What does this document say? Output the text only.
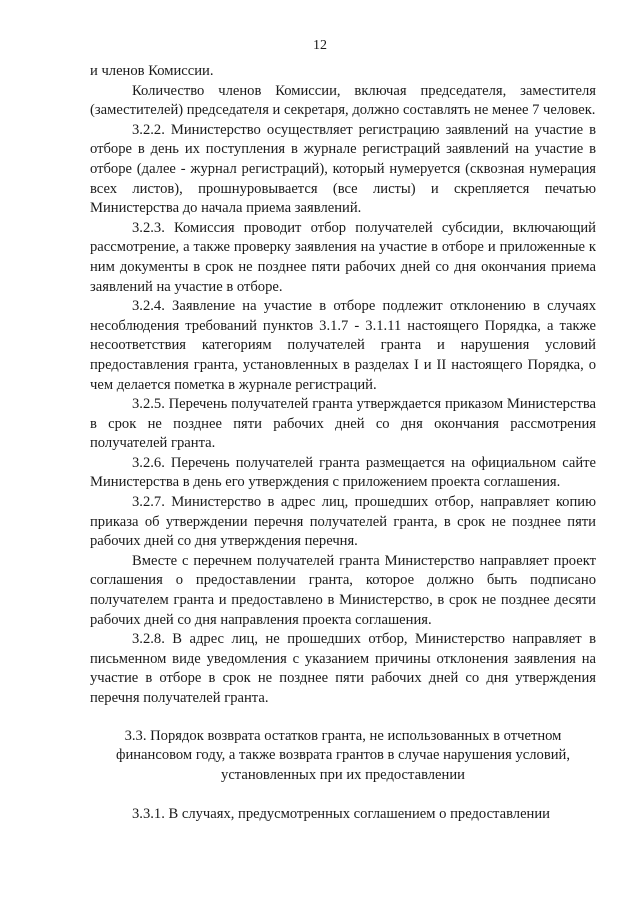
12

и членов Комиссии.

Количество членов Комиссии, включая председателя, заместителя (заместителей) председателя и секретаря, должно составлять не менее 7 человек.

3.2.2. Министерство осуществляет регистрацию заявлений на участие в отборе в день их поступления в журнале регистраций заявлений на участие в отборе (далее - журнал регистраций), который нумеруется (сквозная нумерация всех листов), прошнуровывается (все листы) и скрепляется печатью Министерства до начала приема заявлений.

3.2.3. Комиссия проводит отбор получателей субсидии, включающий рассмотрение, а также проверку заявления на участие в отборе и приложенные к ним документы в срок не позднее пяти рабочих дней со дня окончания приема заявлений на участие в отборе.

3.2.4. Заявление на участие в отборе подлежит отклонению в случаях несоблюдения требований пунктов 3.1.7 - 3.1.11 настоящего Порядка, а также несоответствия категориям получателей гранта и нарушения условий предоставления гранта, установленных в разделах I и II настоящего Порядка, о чем делается пометка в журнале регистраций.

3.2.5. Перечень получателей гранта утверждается приказом Министерства в срок не позднее пяти рабочих дней со дня окончания рассмотрения получателей гранта.

3.2.6. Перечень получателей гранта размещается на официальном сайте Министерства в день его утверждения с приложением проекта соглашения.

3.2.7. Министерство в адрес лиц, прошедших отбор, направляет копию приказа об утверждении перечня получателей гранта, в срок не позднее пяти рабочих дней со дня утверждения перечня.

Вместе с перечнем получателей гранта Министерство направляет проект соглашения о предоставлении гранта, которое должно быть подписано получателем гранта и предоставлено в Министерство, в срок не позднее десяти рабочих дней со дня направления проекта соглашения.

3.2.8. В адрес лиц, не прошедших отбор, Министерство направляет в письменном виде уведомления с указанием причины отклонения заявления на участие в отборе в срок не позднее пяти рабочих дней со дня утверждения перечня получателей гранта.

3.3. Порядок возврата остатков гранта, не использованных в отчетном финансовом году, а также возврата грантов в случае нарушения условий, установленных при их предоставлении

3.3.1. В случаях, предусмотренных соглашением о предоставлении
